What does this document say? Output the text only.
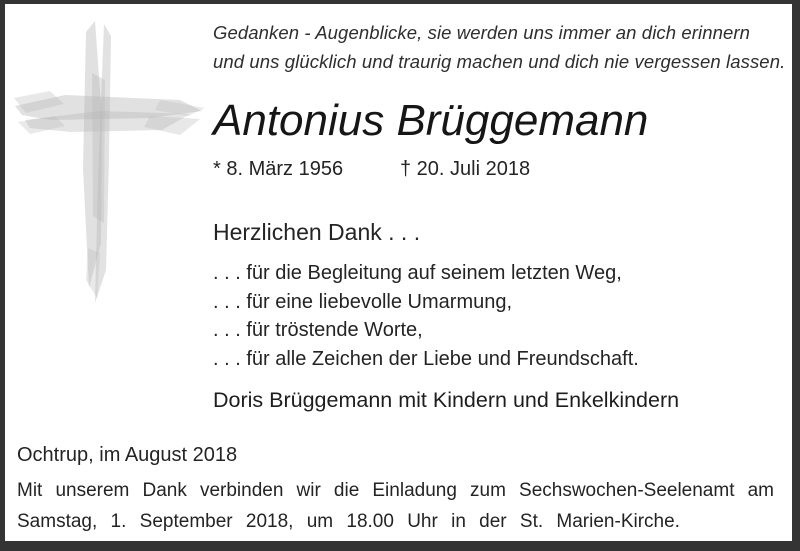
Gedanken - Augenblicke, sie werden uns immer an dich erinnern
und uns glücklich und traurig machen und dich nie vergessen lassen.
Antonius Brüggemann
* 8. März 1956	† 20. Juli 2018
Herzlichen Dank . . .
. . . für die Begleitung auf seinem letzten Weg,
. . . für eine liebevolle Umarmung,
. . . für tröstende Worte,
. . . für alle Zeichen der Liebe und Freundschaft.
Doris Brüggemann mit Kindern und Enkelkindern
Ochtrup, im August 2018
Mit unserem Dank verbinden wir die Einladung zum Sechswochen-Seelenamt am
Samstag, 1. September 2018, um 18.00 Uhr in der St. Marien-Kirche.
